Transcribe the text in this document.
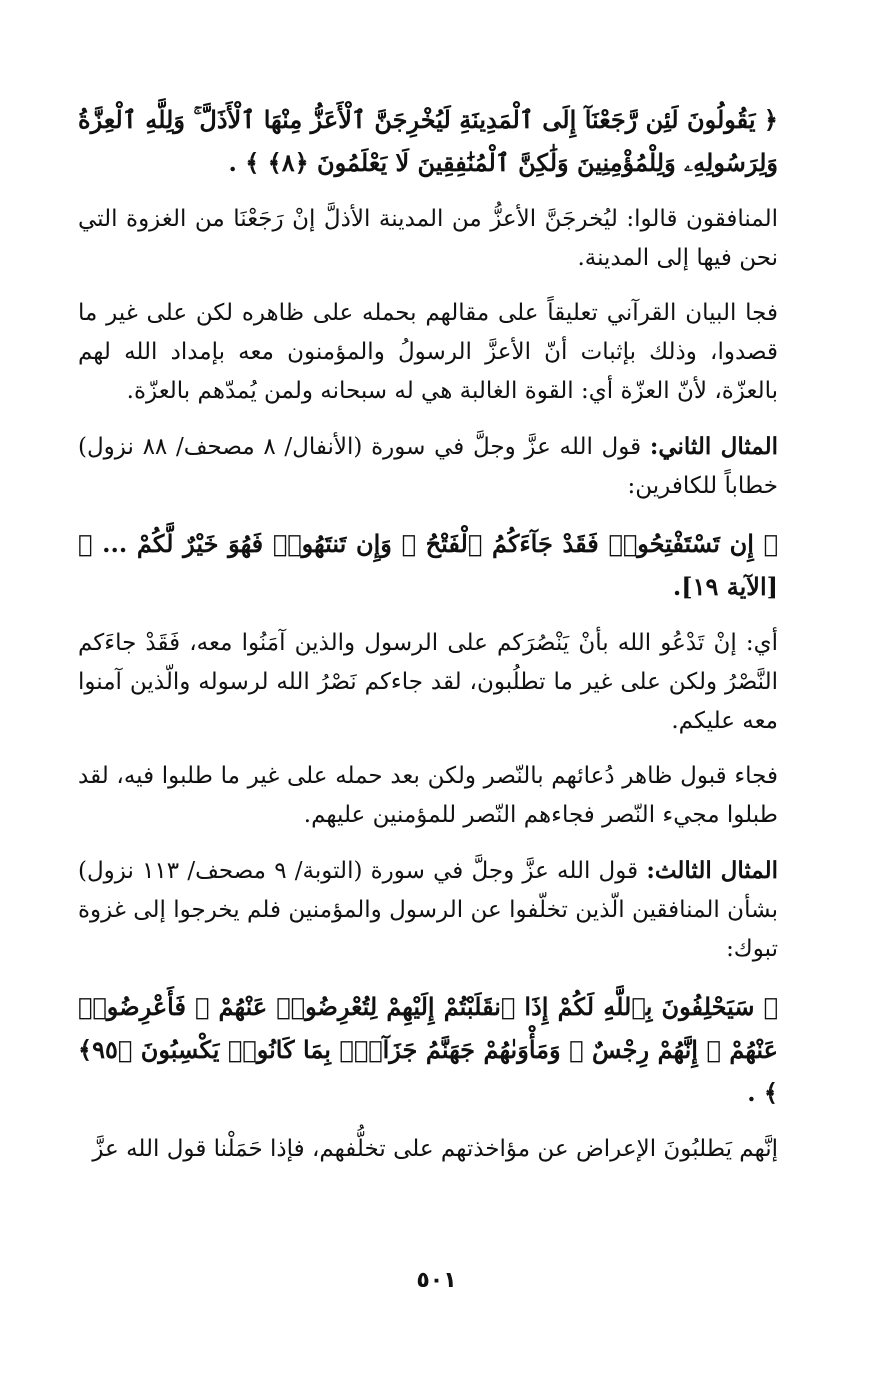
﴿ يَقُولُونَ لَئِن رَّجَعْنَآ إِلَى ٱلْمَدِينَةِ لَيُخْرِجَنَّ ٱلْأَعَزُّ مِنْهَا ٱلْأَذَلَّ ۚ وَلِلَّهِ ٱلْعِزَّةُ وَلِرَسُولِهِۦ وَلِلْمُؤْمِنِينَ وَلَٰكِنَّ ٱلْمُنَٰفِقِينَ لَا يَعْلَمُونَ ﴿٨﴾ ﴾ .
المنافقون قالوا: ليُخرجَنَّ الأعزُّ من المدينة الأذلَّ إنْ رَجَعْنَا من الغزوة التي نحن فيها إلى المدينة.
فجا البيان القرآني تعليقاً على مقالهم بحمله على ظاهره لكن على غير ما قصدوا، وذلك بإثبات أنّ الأعزَّ الرسولُ والمؤمنون معه بإمداد الله لهم بالعزّة، لأنّ العزّة أي: القوة الغالبة هي له سبحانه ولمن يُمدّهم بالعزّة.
المثال الثاني: قول الله عزَّ وجلَّ في سورة (الأنفال/ ٨ مصحف/ ٨٨ نزول) خطاباً للكافرين:
﴿ إِن تَسْتَفْتِحُوا۟ فَقَدْ جَآءَكُمُ ٱلْفَتْحُ ۖ وَإِن تَنتَهُوا۟ فَهُوَ خَيْرٌ لَّكُمْ ... ﴾ [الآية ١٩].
أي: إنْ تَدْعُو الله بأنْ يَنْصُرَكم على الرسول والذين آمَنُوا معه، فَقَدْ جاءَكم النَّصْرُ ولكن على غير ما تطلُبون، لقد جاءكم نَصْرُ الله لرسوله والّذين آمنوا معه عليكم.
فجاء قبول ظاهر دُعائهم بالنّصر ولكن بعد حمله على غير ما طلبوا فيه، لقد طبلوا مجيء النّصر فجاءهم النّصر للمؤمنين عليهم.
المثال الثالث: قول الله عزَّ وجلَّ في سورة (التوبة/ ٩ مصحف/ ١١٣ نزول) بشأن المنافقين الّذين تخلّفوا عن الرسول والمؤمنين فلم يخرجوا إلى غزوة تبوك:
﴿ سَيَحْلِفُونَ بِٱللَّهِ لَكُمْ إِذَا ٱنقَلَبْتُمْ إِلَيْهِمْ لِتُعْرِضُوا۟ عَنْهُمْ ۖ فَأَعْرِضُوا۟ عَنْهُمْ ۖ إِنَّهُمْ رِجْسٌ ۖ وَمَأْوَىٰهُمْ جَهَنَّمُ جَزَآءًۢ بِمَا كَانُوا۟ يَكْسِبُونَ ﴿٩٥﴾ ﴾ .
إنَّهم يَطلبُونَ الإعراض عن مؤاخذتهم على تخلُّفهم، فإذا حَمَلْنا قول الله عزَّ
٥٠١
